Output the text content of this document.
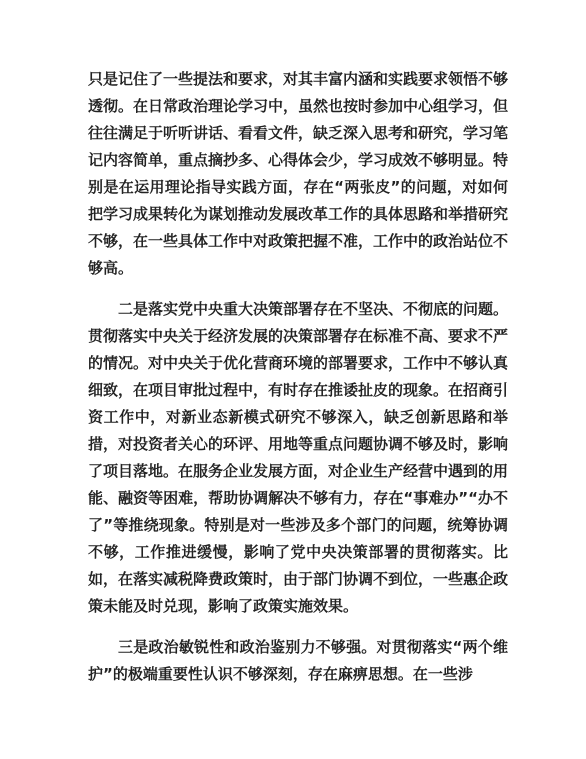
只是记住了一些提法和要求，对其丰富内涵和实践要求领悟不够透彻。在日常政治理论学习中，虽然也按时参加中心组学习，但往往满足于听听讲话、看看文件，缺乏深入思考和研究，学习笔记内容简单，重点摘抄多、心得体会少，学习成效不够明显。特别是在运用理论指导实践方面，存在“两张皮”的问题，对如何把学习成果转化为谋划推动发展改革工作的具体思路和举措研究不够，在一些具体工作中对政策把握不准，工作中的政治站位不够高。

二是落实党中央重大决策部署存在不坚决、不彻底的问题。贯彻落实中央关于经济发展的决策部署存在标准不高、要求不严的情况。对中央关于优化营商环境的部署要求，工作中不够认真细致，在项目审批过程中，有时存在推诿扯皮的现象。在招商引资工作中，对新业态新模式研究不够深入，缺乏创新思路和举措，对投资者关心的环评、用地等重点问题协调不够及时，影响了项目落地。在服务企业发展方面，对企业生产经营中遇到的用能、融资等困难，帮助协调解决不够有力，存在“事难办”“办不了”等推绕现象。特别是对一些涉及多个部门的问题，统筹协调不够，工作推进缓慢，影响了党中央决策部署的贯彻落实。比如，在落实减税降费政策时，由于部门协调不到位，一些惠企政策未能及时兑现，影响了政策实施效果。

三是政治敏锐性和政治鉴别力不够强。对贯彻落实“两个维护”的极端重要性认识不够深刻，存在麻痹思想。在一些涉
